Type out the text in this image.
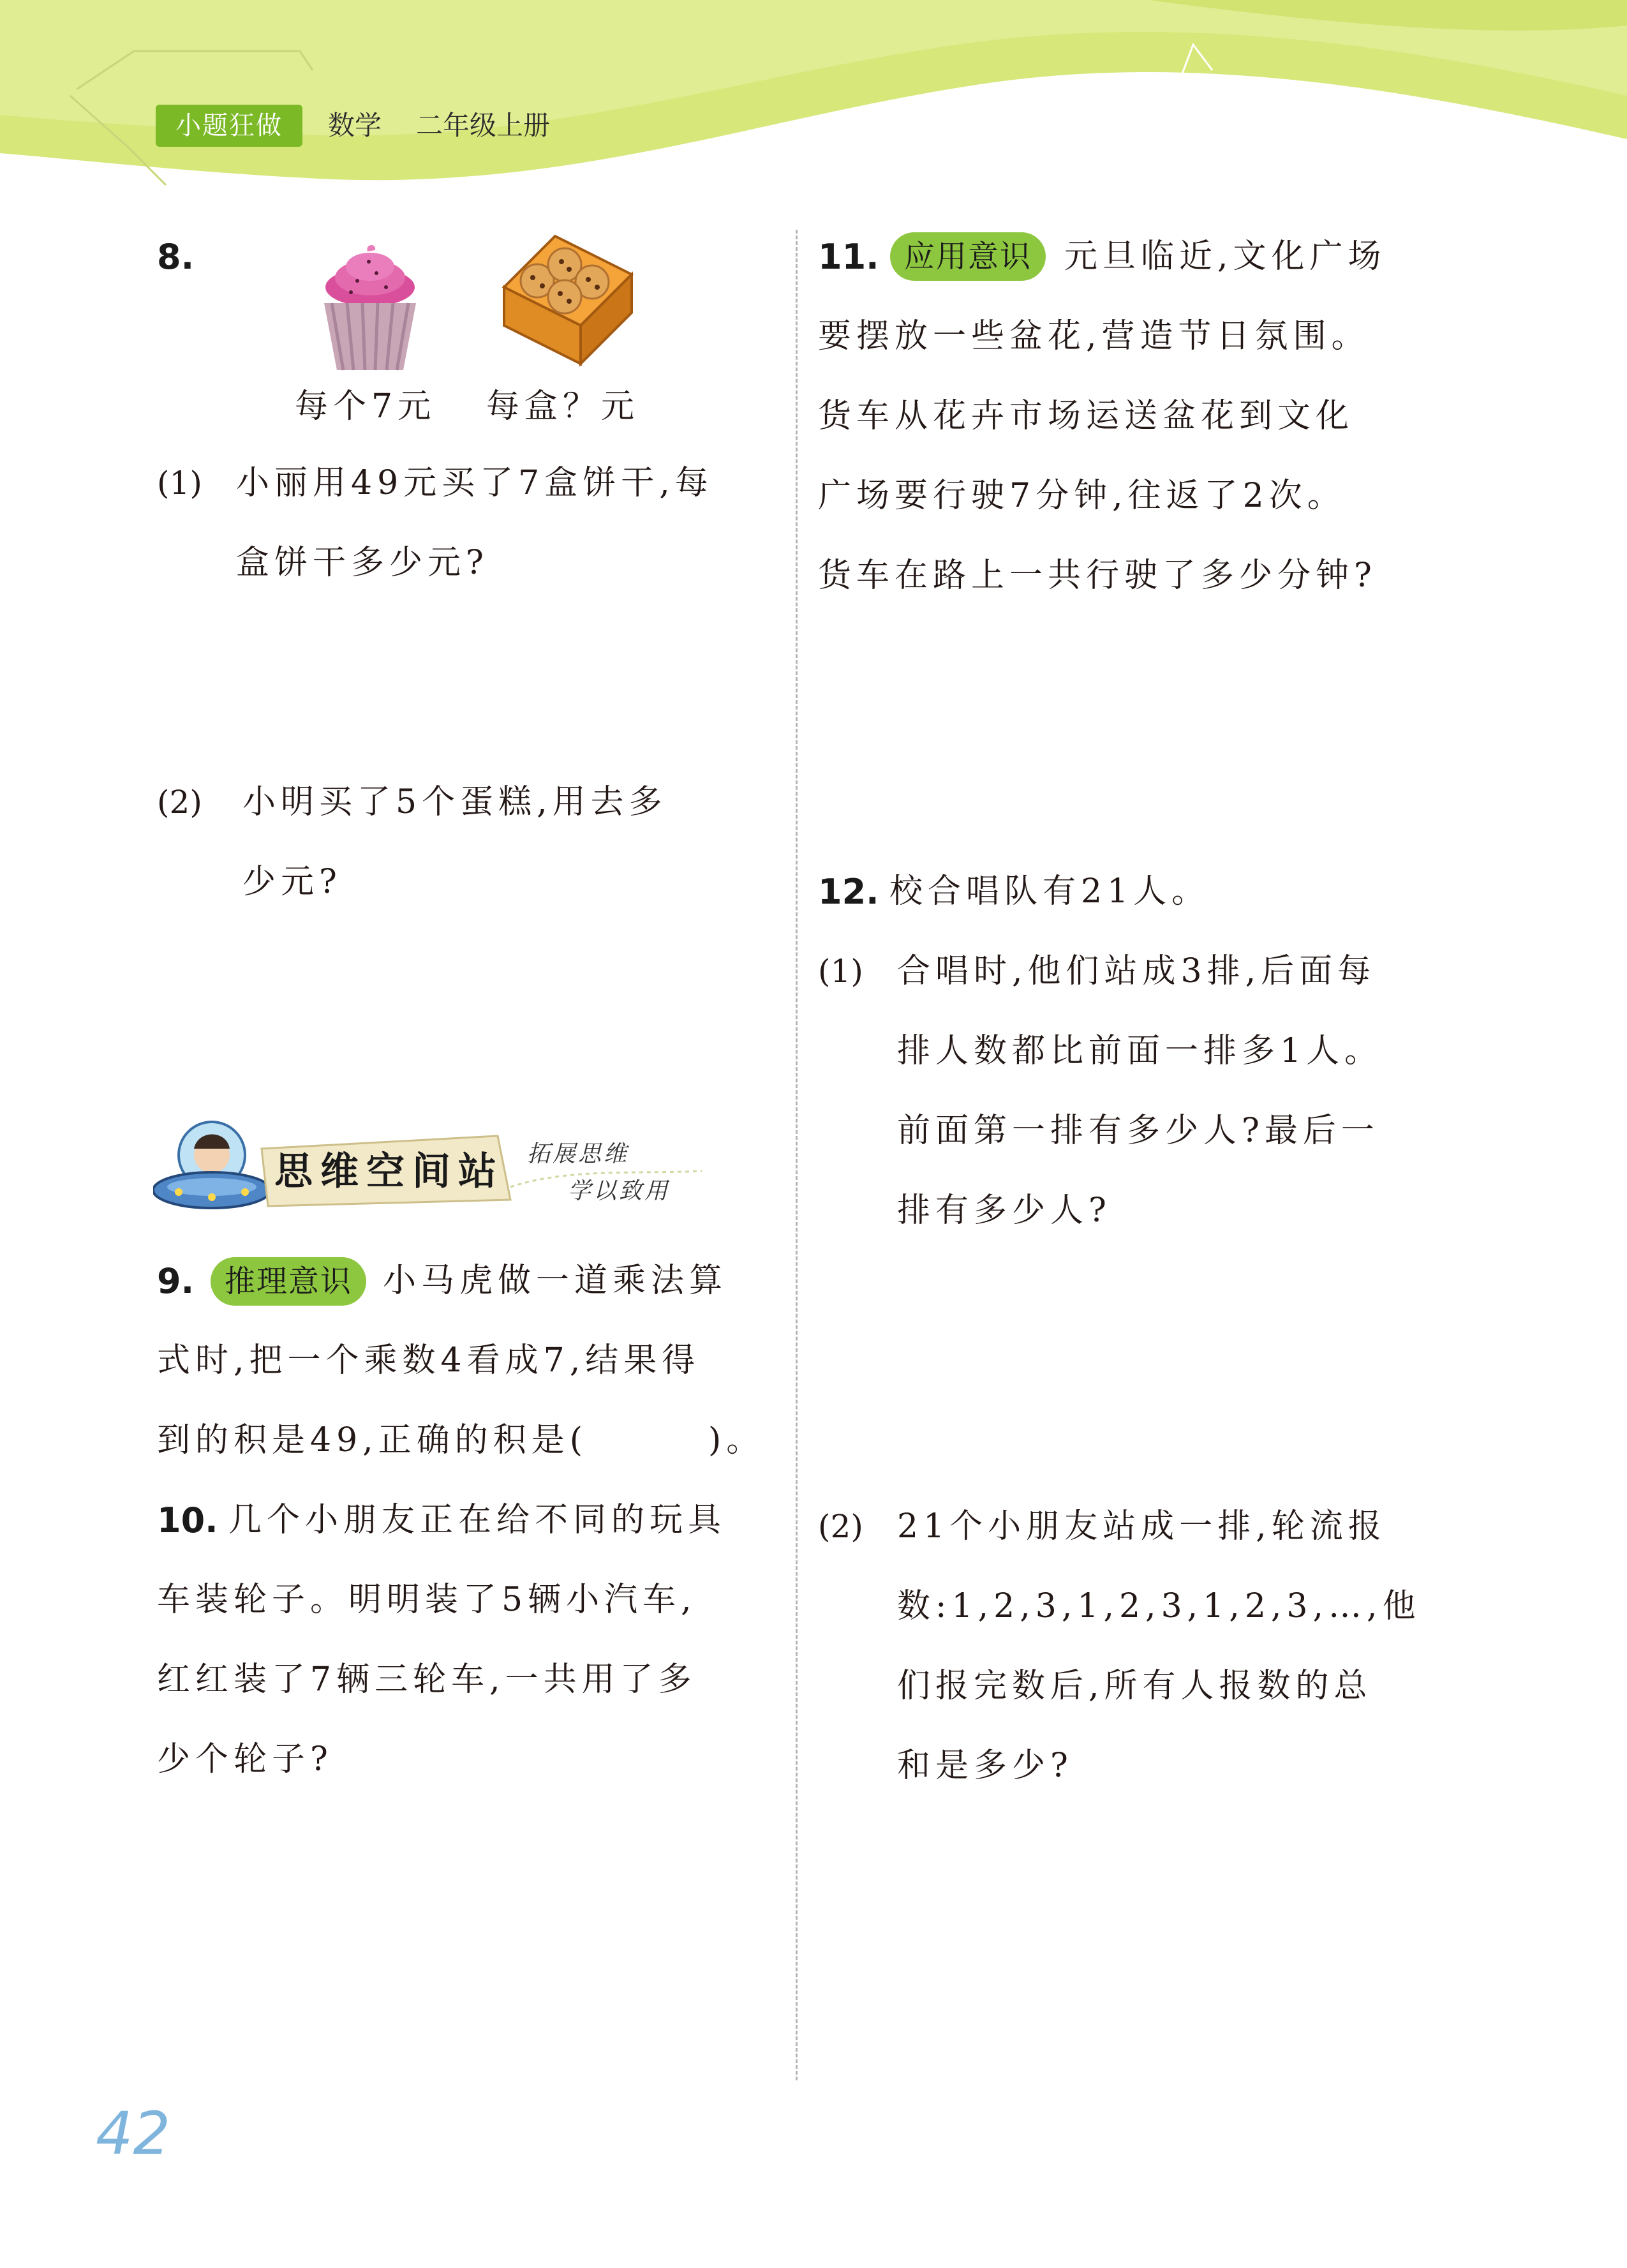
小题狂做	数学 二年级上册
8.
每个7元 每盒？元
(1) 小丽用49元买了7盒饼干,每
盒饼干多少元?
(2) 小明买了5个蛋糕,用去多
少元?
思维空间站 拓展思维
学以致用
9. 推理意识 小马虎做一道乘法算
式时,把一个乘数4看成7,结果得
到的积是49,正确的积是(	)。
10. 几个小朋友正在给不同的玩具
车装轮子。明明装了5辆小汽车,
红红装了7辆三轮车,一共用了多
少个轮子?
11. 应用意识 元旦临近,文化广场
要摆放一些盆花,营造节日氛围。
货车从花卉市场运送盆花到文化
广场要行驶7分钟,往返了2次。
货车在路上一共行驶了多少分钟?
12. 校合唱队有21人。
(1) 合唱时,他们站成3排,后面每
排人数都比前面一排多1人。
前面第一排有多少人?最后一
排有多少人?
(2) 21个小朋友站成一排,轮流报
数:1,2,3,1,2,3,1,2,3,…,他
们报完数后,所有人报数的总
和是多少?
42
